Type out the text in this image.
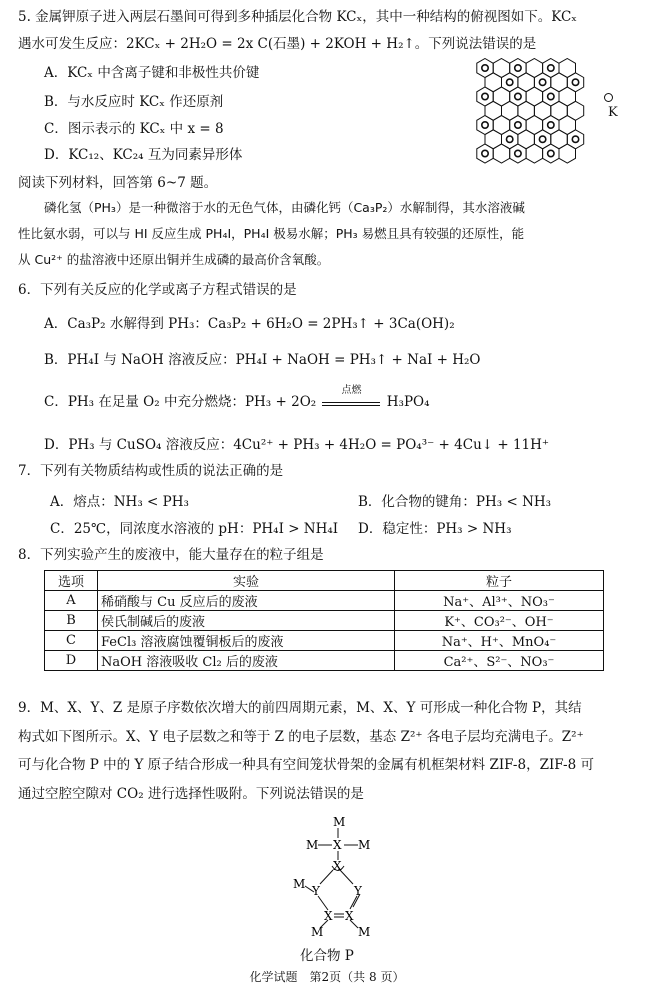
5. 金属钾原子进入两层石墨间可得到多种插层化合物 KCₓ，其中一种结构的俯视图如下。KCₓ
遇水可发生反应：2KCₓ + 2H₂O = 2x C(石墨) + 2KOH + H₂↑。下列说法错误的是
A．KCₓ 中含离子键和非极性共价键
B．与水反应时 KCₓ 作还原剂
C．图示表示的 KCₓ 中 x = 8
D．KC₁₂、KC₂₄ 互为同素异形体

K
阅读下列材料，回答第 6~7 题。
磷化氢（PH₃）是一种微溶于水的无色气体，由磷化钙（Ca₃P₂）水解制得，其水溶液碱
性比氨水弱，可以与 HI 反应生成 PH₄I，PH₄I 极易水解；PH₃ 易燃且具有较强的还原性，能
从 Cu²⁺ 的盐溶液中还原出铜并生成磷的最高价含氧酸。
6．下列有关反应的化学或离子方程式错误的是
A．Ca₃P₂ 水解得到 PH₃：Ca₃P₂ + 6H₂O = 2PH₃↑ + 3Ca(OH)₂
B．PH₄I 与 NaOH 溶液反应：PH₄I + NaOH = PH₃↑ + NaI + H₂O
C．PH₃ 在足量 O₂ 中充分燃烧：PH₃ + 2O₂
点燃
H₃PO₄
D．PH₃ 与 CuSO₄ 溶液反应：4Cu²⁺ + PH₃ + 4H₂O = PO₄³⁻ + 4Cu↓ + 11H⁺
7．下列有关物质结构或性质的说法正确的是
A．熔点：NH₃ < PH₃	B．化合物的键角：PH₃ < NH₃
C．25℃，同浓度水溶液的 pH：PH₄I > NH₄I D．稳定性：PH₃ > NH₃
8．下列实验产生的废液中，能大量存在的粒子组是
选项	实验	粒子
A	稀硝酸与 Cu 反应后的废液	Na⁺、Al³⁺、NO₃⁻
B	侯氏制碱后的废液	K⁺、CO₃²⁻、OH⁻
C	FeCl₃ 溶液腐蚀覆铜板后的废液	Na⁺、H⁺、MnO₄⁻
D	NaOH 溶液吸收 Cl₂ 后的废液	Ca²⁺、S²⁻、NO₃⁻
9．M、X、Y、Z 是原子序数依次增大的前四周期元素，M、X、Y 可形成一种化合物 P，其结
构式如下图所示。X、Y 电子层数之和等于 Z 的电子层数，基态 Z²⁺ 各电子层均充满电子。Z²⁺
可与化合物 P 中的 Y 原子结合形成一种具有空间笼状骨架的金属有机框架材料 ZIF-8，ZIF-8 可
通过空腔空隙对 CO₂ 进行选择性吸附。下列说法错误的是
M
M X M
X
M Y	Y
X X
M	M
化合物 P
化学试题　第2页（共 8 页）
